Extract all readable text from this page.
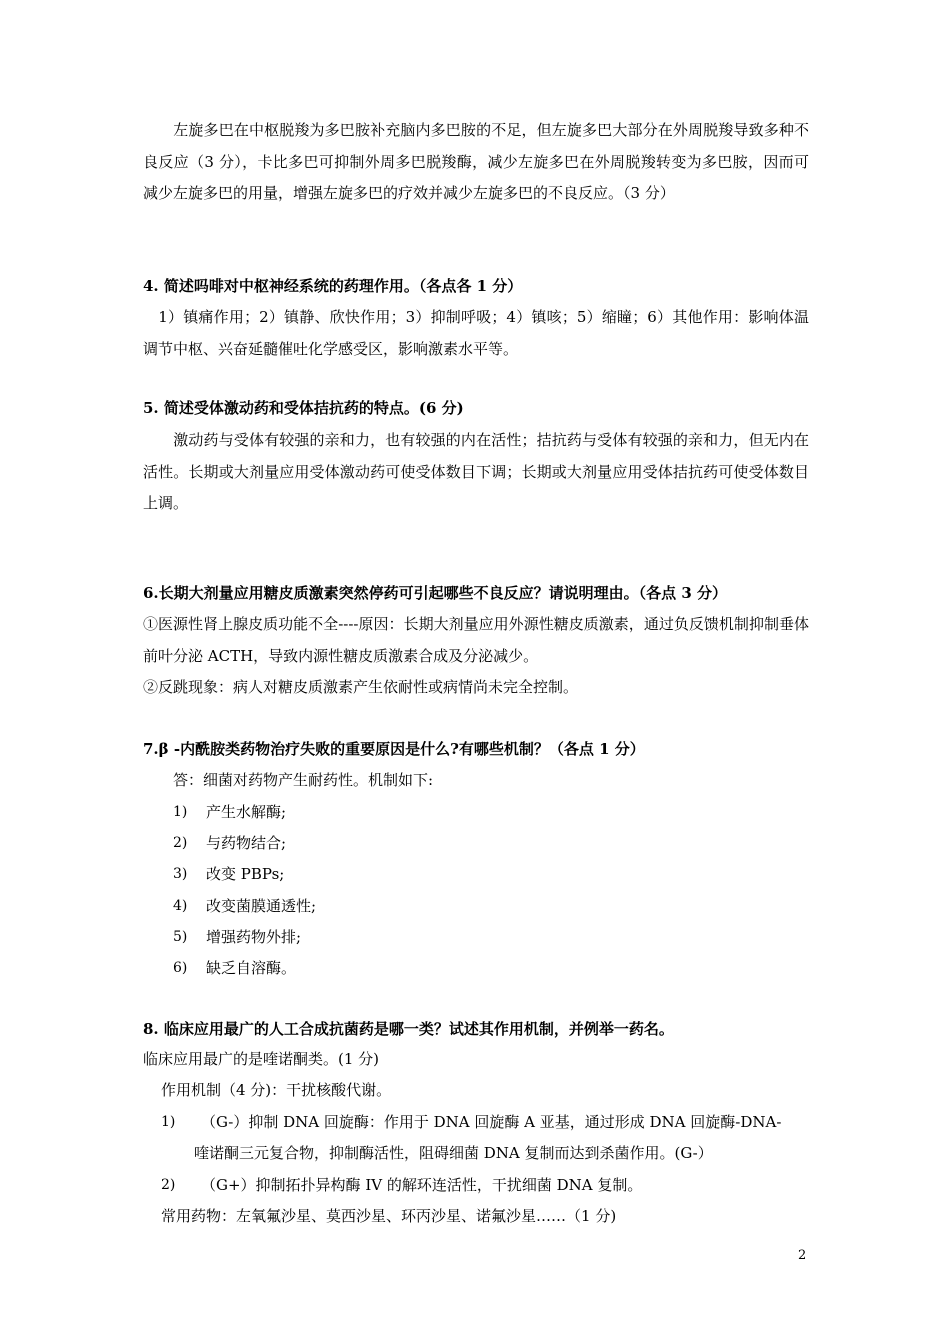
　　左旋多巴在中枢脱羧为多巴胺补充脑内多巴胺的不足，但左旋多巴大部分在外周脱羧导致多种不良反应（3 分），卡比多巴可抑制外周多巴脱羧酶，减少左旋多巴在外周脱羧转变为多巴胺，因而可减少左旋多巴的用量，增强左旋多巴的疗效并减少左旋多巴的不良反应。（3 分）

4. 简述吗啡对中枢神经系统的药理作用。（各点各 1 分）

　1）镇痛作用；2）镇静、欣快作用；3）抑制呼吸；4）镇咳；5）缩瞳；6）其他作用：影响体温调节中枢、兴奋延髓催吐化学感受区，影响激素水平等。

5. 简述受体激动药和受体拮抗药的特点。(6 分)

　　激动药与受体有较强的亲和力，也有较强的内在活性；拮抗药与受体有较强的亲和力，但无内在活性。长期或大剂量应用受体激动药可使受体数目下调；长期或大剂量应用受体拮抗药可使受体数目上调。

6.长期大剂量应用糖皮质激素突然停药可引起哪些不良反应？请说明理由。（各点 3 分）

①医源性肾上腺皮质功能不全----原因：长期大剂量应用外源性糖皮质激素，通过负反馈机制抑制垂体前叶分泌 ACTH，导致内源性糖皮质激素合成及分泌减少。

②反跳现象：病人对糖皮质激素产生依耐性或病情尚未完全控制。

7.β -内酰胺类药物治疗失败的重要原因是什么?有哪些机制？（各点 1 分）

答：细菌对药物产生耐药性。机制如下:

1) 产生水解酶;
2) 与药物结合;
3) 改变 PBPs;
4) 改变菌膜通透性;
5) 增强药物外排;
6) 缺乏自溶酶。

8. 临床应用最广的人工合成抗菌药是哪一类？试述其作用机制，并例举一药名。

临床应用最广的是喹诺酮类。(1 分)

作用机制（4 分)：干扰核酸代谢。

1) （G-）抑制 DNA 回旋酶：作用于 DNA 回旋酶 A 亚基，通过形成 DNA 回旋酶-DNA-

喹诺酮三元复合物，抑制酶活性，阻碍细菌 DNA 复制而达到杀菌作用。(G-）

2) （G+）抑制拓扑异构酶 IV 的解环连活性，干扰细菌 DNA 复制。

常用药物：左氧氟沙星、莫西沙星、环丙沙星、诺氟沙星……（1 分)

2
